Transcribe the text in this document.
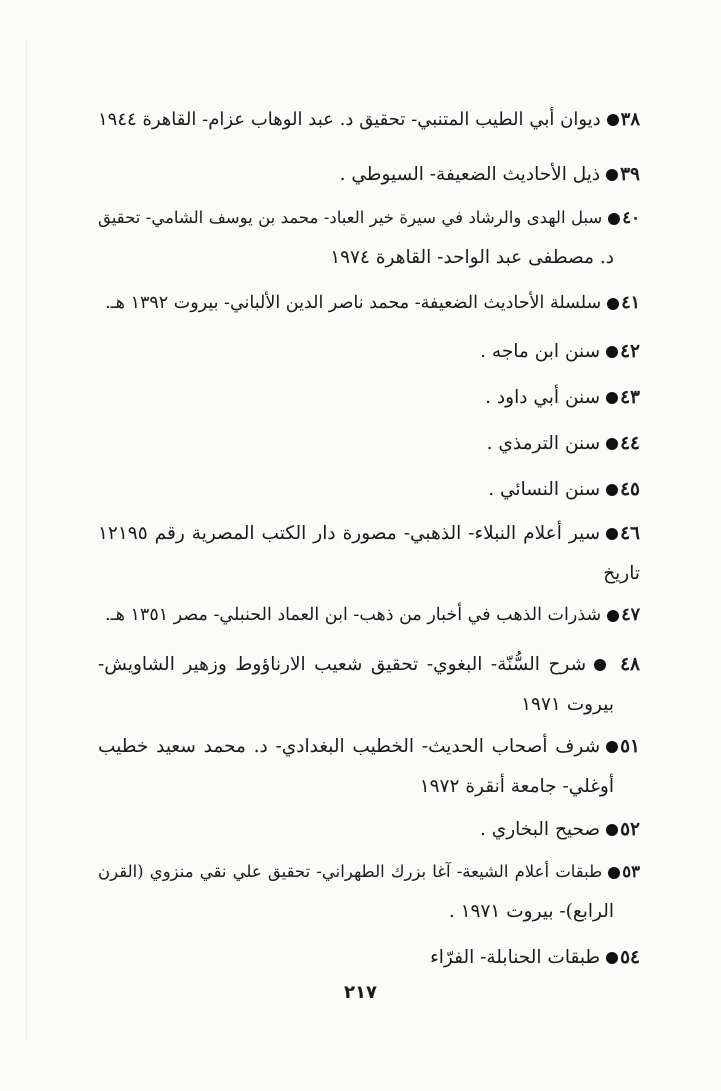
٣٨ديوان أبي الطيب المتنبي- تحقيق د. عبد الوهاب عزام- القاهرة ١٩٤٤
٣٩ذيل الأحاديث الضعيفة- السيوطي .
٤٠سبل الهدى والرشاد في سيرة خير العباد- محمد بن يوسف الشامي- تحقيق
د. مصطفى عبد الواحد- القاهرة ١٩٧٤
٤١سلسلة الأحاديث الضعيفة- محمد ناصر الدين الألباني- بيروت ١٣٩٢ هـ.
٤٢سنن ابن ماجه .
٤٣سنن أبي داود .
٤٤سنن الترمذي .
٤٥سنن النسائي .
٤٦سير أعلام النبلاء- الذهبي- مصورة دار الكتب المصرية رقم ١٢١٩٥
تاريخ
٤٧شذرات الذهب في أخبار من ذهب- ابن العماد الحنبلي- مصر ١٣٥١ هـ.
٤٨شرح السُّنّة- البغوي- تحقيق شعيب الارناؤوط وزهير الشاويش-
بيروت ١٩٧١
٥١شرف أصحاب الحديث- الخطيب البغدادي- د. محمد سعيد خطيب
أوغلي- جامعة أنقرة ١٩٧٢
٥٢صحيح البخاري .
٥٣طبقات أعلام الشيعة- آغا بزرك الطهراني- تحقيق علي نقي منزوي (القرن
الرابع)- بيروت ١٩٧١ .
٥٤طبقات الحنابلة- الفرّاء
٢١٧
